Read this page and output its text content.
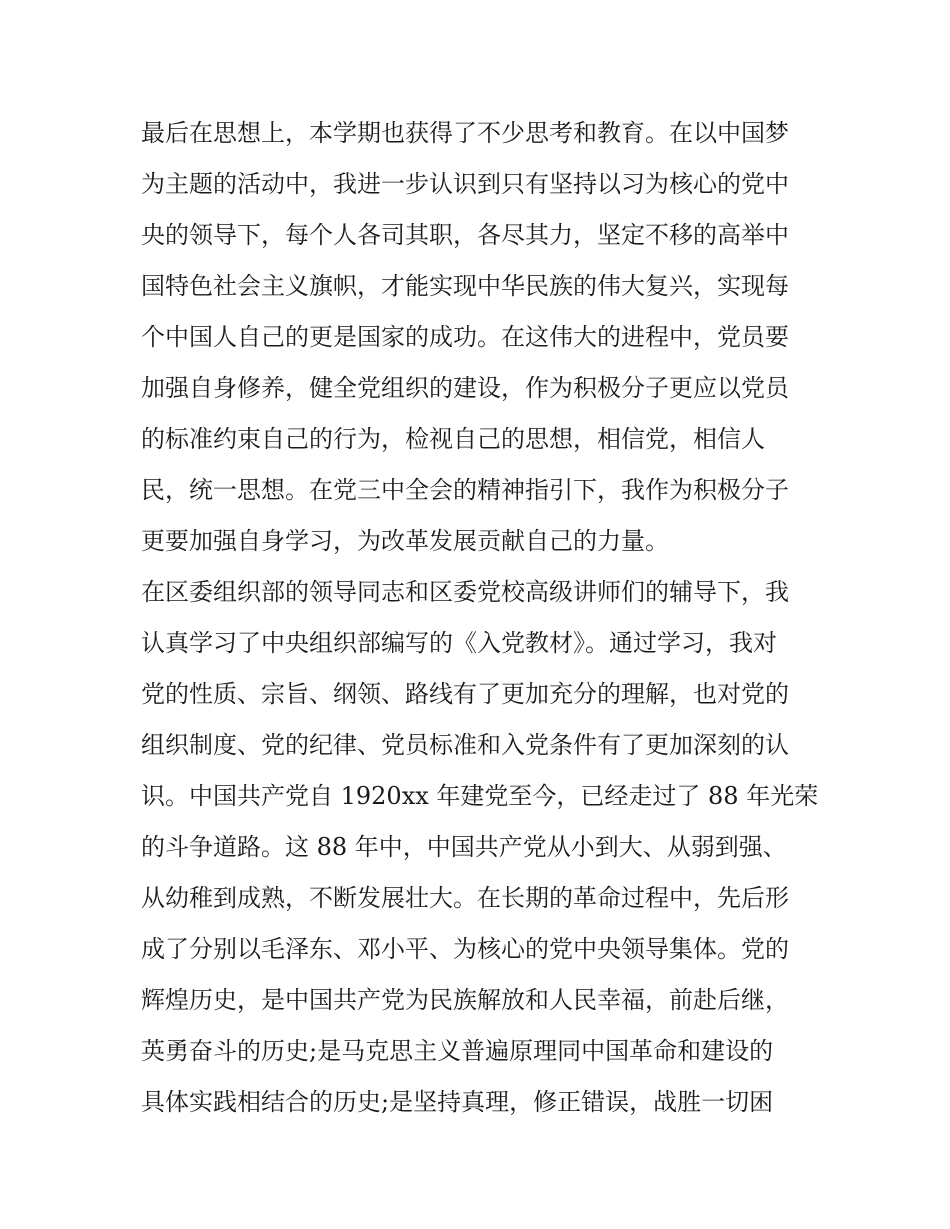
最后在思想上，本学期也获得了不少思考和教育。在以中国梦
为主题的活动中，我进一步认识到只有坚持以习为核心的党中
央的领导下，每个人各司其职，各尽其力，坚定不移的高举中
国特色社会主义旗帜，才能实现中华民族的伟大复兴，实现每
个中国人自己的更是国家的成功。在这伟大的进程中，党员要
加强自身修养，健全党组织的建设，作为积极分子更应以党员
的标准约束自己的行为，检视自己的思想，相信党，相信人
民，统一思想。在党三中全会的精神指引下，我作为积极分子
更要加强自身学习，为改革发展贡献自己的力量。
在区委组织部的领导同志和区委党校高级讲师们的辅导下，我
认真学习了中央组织部编写的《入党教材》。通过学习，我对
党的性质、宗旨、纲领、路线有了更加充分的理解，也对党的
组织制度、党的纪律、党员标准和入党条件有了更加深刻的认
识。中国共产党自 1920xx 年建党至今，已经走过了 88 年光荣
的斗争道路。这 88 年中，中国共产党从小到大、从弱到强、
从幼稚到成熟，不断发展壮大。在长期的革命过程中，先后形
成了分别以毛泽东、邓小平、为核心的党中央领导集体。党的
辉煌历史，是中国共产党为民族解放和人民幸福，前赴后继，
英勇奋斗的历史;是马克思主义普遍原理同中国革命和建设的
具体实践相结合的历史;是坚持真理，修正错误，战胜一切困
